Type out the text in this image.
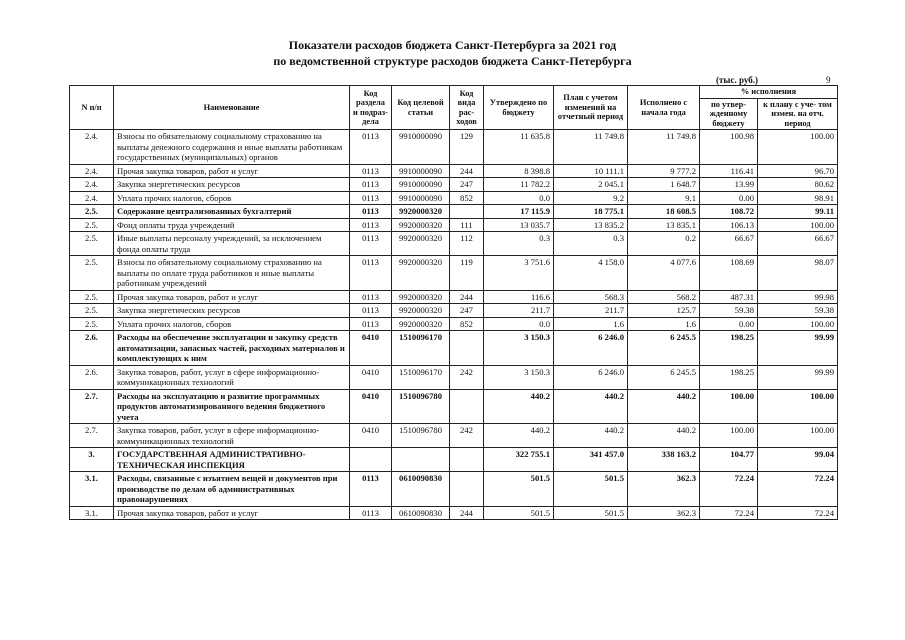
Показатели расходов бюджета Санкт-Петербурга за 2021 год
по ведомственной структуре расходов бюджета Санкт-Петербурга
(тыс. руб.)	9
N п/п	Наименование	Код раздела и подраз- дела	Код целевой статьи	Код вида рас- ходов	Утверждено по бюджету	План с учетом изменений на отчетный период	Исполнено с начала года	% исполнения	
								по утвер- жденному бюджету	к плану с уче- том измен. на отч. период
2.4.	Взносы по обязательному социальному страхованию на выплаты денежного содержания и иные выплаты работникам государственных (муниципальных) органов	0113	9910000090	129	11 635.8	11 749.8	11 749.8	100.98	100.00
2.4.	Прочая закупка товаров, работ и услуг	0113	9910000090	244	8 398.8	10 111.1	9 777.2	116.41	96.70
2.4.	Закупка энергетических ресурсов	0113	9910000090	247	11 782.2	2 045.1	1 648.7	13.99	80.62
2.4.	Уплата прочих налогов, сборов	0113	9910000090	852	0.0	9.2	9.1	0.00	98.91
2.5.	Содержание централизованных бухгалтерий	0113	9920000320		17 115.9	18 775.1	18 608.5	108.72	99.11
2.5.	Фонд оплаты труда учреждений	0113	9920000320	111	13 035.7	13 835.2	13 835.1	106.13	100.00
2.5.	Иные выплаты персоналу учреждений, за исключением фонда оплаты труда	0113	9920000320	112	0.3	0.3	0.2	66.67	66.67
2.5.	Взносы по обязательному социальному страхованию на выплаты по оплате труда работников и иные выплаты работникам учреждений	0113	9920000320	119	3 751.6	4 158.0	4 077.6	108.69	98.07
2.5.	Прочая закупка товаров, работ и услуг	0113	9920000320	244	116.6	568.3	568.2	487.31	99.98
2.5.	Закупка энергетических ресурсов	0113	9920000320	247	211.7	211.7	125.7	59.38	59.38
2.5.	Уплата прочих налогов, сборов	0113	9920000320	852	0.0	1.6	1.6	0.00	100.00
2.6.	Расходы на обеспечение эксплуатации и закупку средств автоматизации, запасных частей, расходных материалов и комплектующих к ним	0410	1510096170		3 150.3	6 246.0	6 245.5	198.25	99.99
2.6.	Закупка товаров, работ, услуг в сфере информационно-коммуникационных технологий	0410	1510096170	242	3 150.3	6 246.0	6 245.5	198.25	99.99
2.7.	Расходы на эксплуатацию и развитие программных продуктов автоматизированного ведения бюджетного учета	0410	1510096780		440.2	440.2	440.2	100.00	100.00
2.7.	Закупка товаров, работ, услуг в сфере информационно-коммуникационных технологий	0410	1510096780	242	440.2	440.2	440.2	100.00	100.00
3.	ГОСУДАРСТВЕННАЯ АДМИНИСТРАТИВНО-ТЕХНИЧЕСКАЯ ИНСПЕКЦИЯ				322 755.1	341 457.0	338 163.2	104.77	99.04
3.1.	Расходы, связанные с изъятием вещей и документов при производстве по делам об административных правонарушениях	0113	0610090830		501.5	501.5	362.3	72.24	72.24
3.1.	Прочая закупка товаров, работ и услуг	0113	0610090830	244	501.5	501.5	362.3	72.24	72.24
